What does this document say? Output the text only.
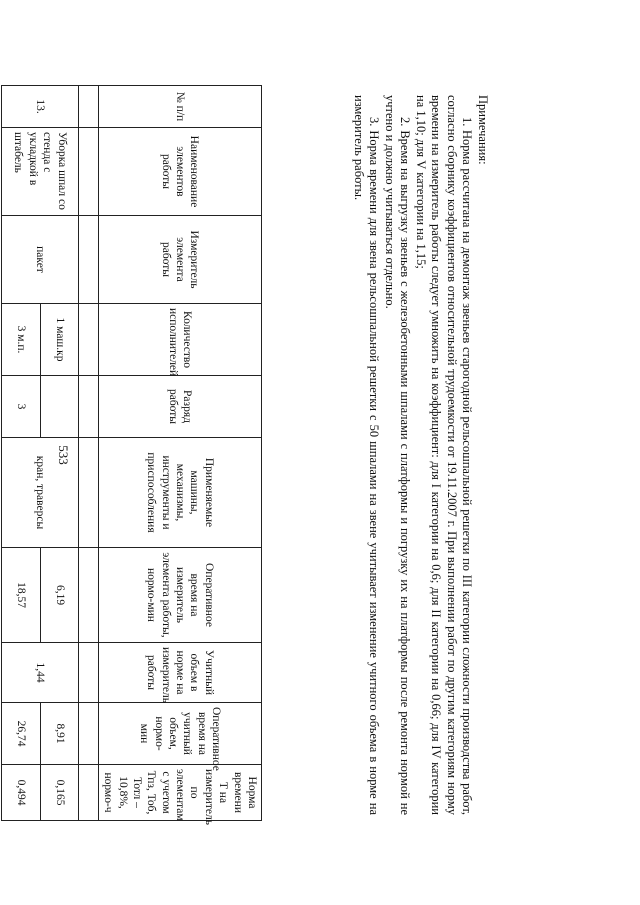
533
№ п/п	Наименование элементов работы	Измеритель элемента работы	Количество исполнителей	Разряд работы	Применяемые машины, механизмы, инструменты и приспособления	Оперативное время на измеритель элемента работы, нормо-мин	Учитный объем в норме на измеритель работы	Оперативное время на учитный объем, нормо-мин	Норма времени Т на измеритель по элементам с учетом Тпз, Тоб, Тотл – 10,8%, нормо-ч

13.	Уборка шпал со стенда с укладкой в штабель	пакет	1 маш.кр		кран, траверсы	6,19	1,44	8,91	0,165
			3 м.п.	3		18,57		26,74	0,494

Примечания:

1. Норма рассчитана на демонтаж звеньев старогодной рельсошпальной решетки по III категории сложности производства работ, согласно сборнику коэффициентов относительной трудоемкости от 19.11.2007 г. При выполнении работ по другим категориям норму времени на измеритель работы следует умножить на коэффициент: для I категории на 0,6; для II категории на 0,66; для IV категории на 1,10; для V категории на 1,15;

2. Время на выгрузку звеньев с железобетонными шпалами с платформы и погрузку их на платформы после ремонта нормой не учтено и должно учитываться отдельно.

3. Норма времени для звена рельсошпальной решетки с 50 шпалами на звене учитывает изменение учитного объема в норме на измеритель работы.
